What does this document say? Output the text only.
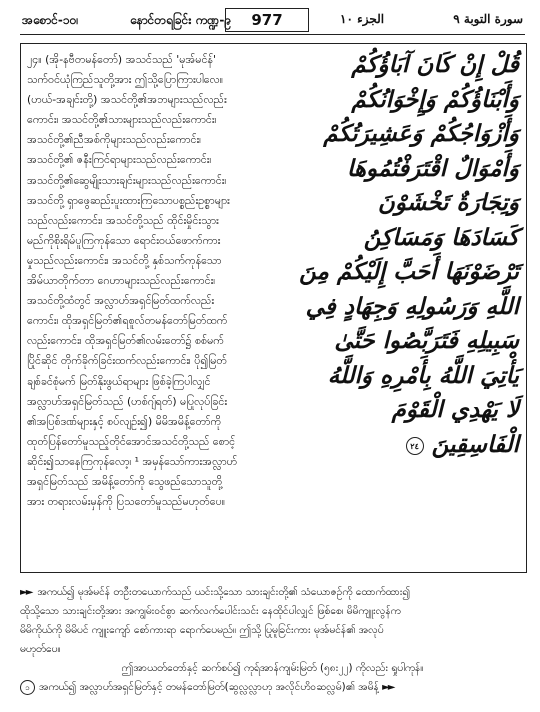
အစောင်-၁၀၊	နောင်တရခြင်း ကဏ္ဍ-၉	977	الجزء ١٠	سورة التوبة ٩
၂၄။ (အို-နဗီတမန်တော်) အသင်သည် 'မုအ်မင်န်'
သက်ဝင်ယုံကြည်သူတို့အား ဤသို့ပြောကြားပါလေ။
(ဟယ်-အချင်းတို့) အသင်တို့၏အဘများသည်လည်း
ကောင်း၊ အသင်တို့၏သားများသည်လည်းကောင်း၊
အသင်တို့၏ညီအစ်ကိုများသည်လည်းကောင်း၊
အသင်တို့၏ ဇနီးကြင်ရာများသည်လည်းကောင်း၊
အသင်တို့၏ဆွေမျိုးသားချင်းများသည်လည်းကောင်း၊
အသင်တို့ ရှာဖွေဆည်းပူးထားကြသောပစ္စည်းဥစ္စာများ
သည်လည်းကောင်း၊ အသင်တို့သည် ထိုင်းမှိုင်းသွား
မည်ကိုစိုးရိမ်ပူကြကုန်သော ရောင်းဝယ်ဖောက်ကား
မှုသည်လည်းကောင်း၊ အသင်တို့ နှစ်သက်ကုန်သော
အိမ်ယာတိုက်တာ ဂေဟာများသည်လည်းကောင်း၊
အသင်တို့ထံတွင် အလ္လာဟ်အရှင်မြတ်ထက်လည်း
ကောင်း၊ ထိုအရှင်မြတ်၏ရစူလ်တမန်တော်မြတ်ထက်
လည်းကောင်း၊ ထိုအရှင်မြတ်၏လမ်းတော်၌ စစ်မက်
ပြိုင်ဆိုင် တိုက်ခိုက်ခြင်းထက်လည်းကောင်း၊ ပို၍မြတ်
ချစ်ခင်စုံမက် မြတ်နိုးဖွယ်ရာများ ဖြစ်ခဲ့ကြပါလျှင်
အလ္လာဟ်အရှင်မြတ်သည် (ဟစ်ဂျ်ရတ်) မပြုလုပ်ခြင်း
၏အပြစ်ဒဏ်များနှင့် စပ်လျဉ်း၍) မိမိအမိန့်တော်ကို
ထုတ်ပြန်တော်မူသည့်တိုင်အောင်အသင်တို့သည် စောင့်
ဆိုင်း၍သာနေကြကုန်လော့၊ ¹ အမှန်သော်ကားအလ္လာဟ်
အရှင်မြတ်သည် အမိန့်တော်ကို သွေဖည်သောသူတို့
အား တရားလမ်းမှန်ကို ပြသတော်မူသည်မဟုတ်ပေ။
قُلْ إِنْ كَانَ آبَاؤُكُمْ
وَأَبْنَاؤُكُمْ وَإِخْوَانُكُمْ
وَأَزْوَاجُكُمْ وَعَشِيرَتُكُمْ
وَأَمْوَالٌ اقْتَرَفْتُمُوهَا
وَتِجَارَةٌ تَخْشَوْنَ
كَسَادَهَا وَمَسَاكِنُ
تَرْضَوْنَهَا أَحَبَّ إِلَيْكُمْ مِنَ
اللَّهِ وَرَسُولِهِ وَجِهَادٍ فِي
سَبِيلِهِ فَتَرَبَّصُوا حَتَّىٰ
يَأْتِيَ اللَّهُ بِأَمْرِهِ وَاللَّهُ
لَا يَهْدِي الْقَوْمَ
الْفَاسِقِينَ ٢٤
►► အကယ်၍ မုအ်မင်န် တဦးတယောက်သည် ယင်းသို့သော သားချင်းတို့၏ သံယောဇဉ်ကို ထောက်ထား၍
ထိုသို့သော သားချင်းတို့အား အကျွမ်းဝင်စွာ ဆက်လက်ပေါင်းသင်း နေထိုင်ပါလျှင် ဖြစ်စေ၊ မိမိကျူးလွန်က
မိမိကိုယ်ကို မိမိပင် ကျူးကျော် စော်ကားရာ ရောက်ပေမည်။ ဤသို့ ပြုမူခြင်းကား မုအ်မင်န်၏ အလုပ်
မဟုတ်ပေ။
ဤအာယတ်တော်နှင့် ဆက်စပ်၍ ကုရ်အာန်ကျမ်းမြတ် (၅၈း၂၂) ကိုလည်း ရှုပါကုန်။
၁ အကယ်၍ အလ္လာဟ်အရှင်မြတ်နှင့် တမန်တော်မြတ်(ဆွလ္လလ္လာဟု အလိုင်ဟိဝဆလ္လမ်)၏ အမိန့် ►►
